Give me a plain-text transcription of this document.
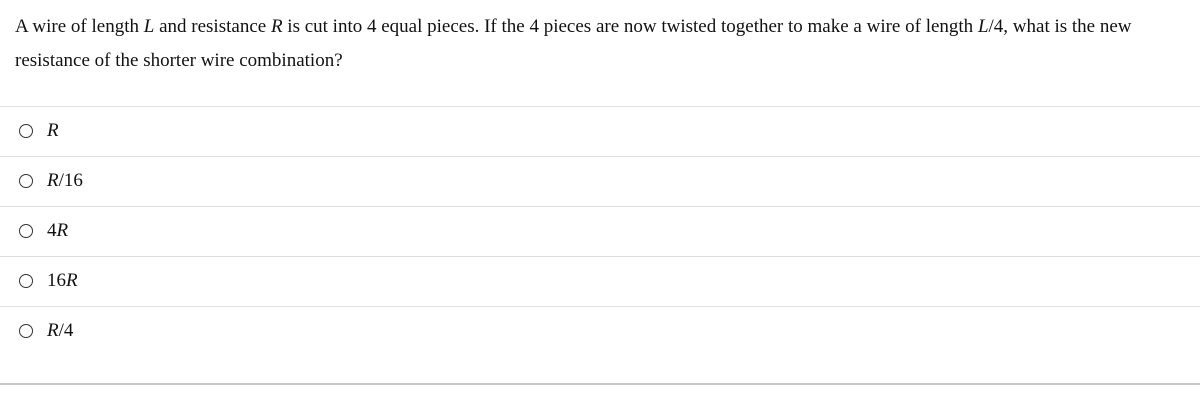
A wire of length L and resistance R is cut into 4 equal pieces. If the 4 pieces are now twisted together to make a wire of length L/4, what is the new resistance of the shorter wire combination?

R
R/16
4R
16R
R/4
